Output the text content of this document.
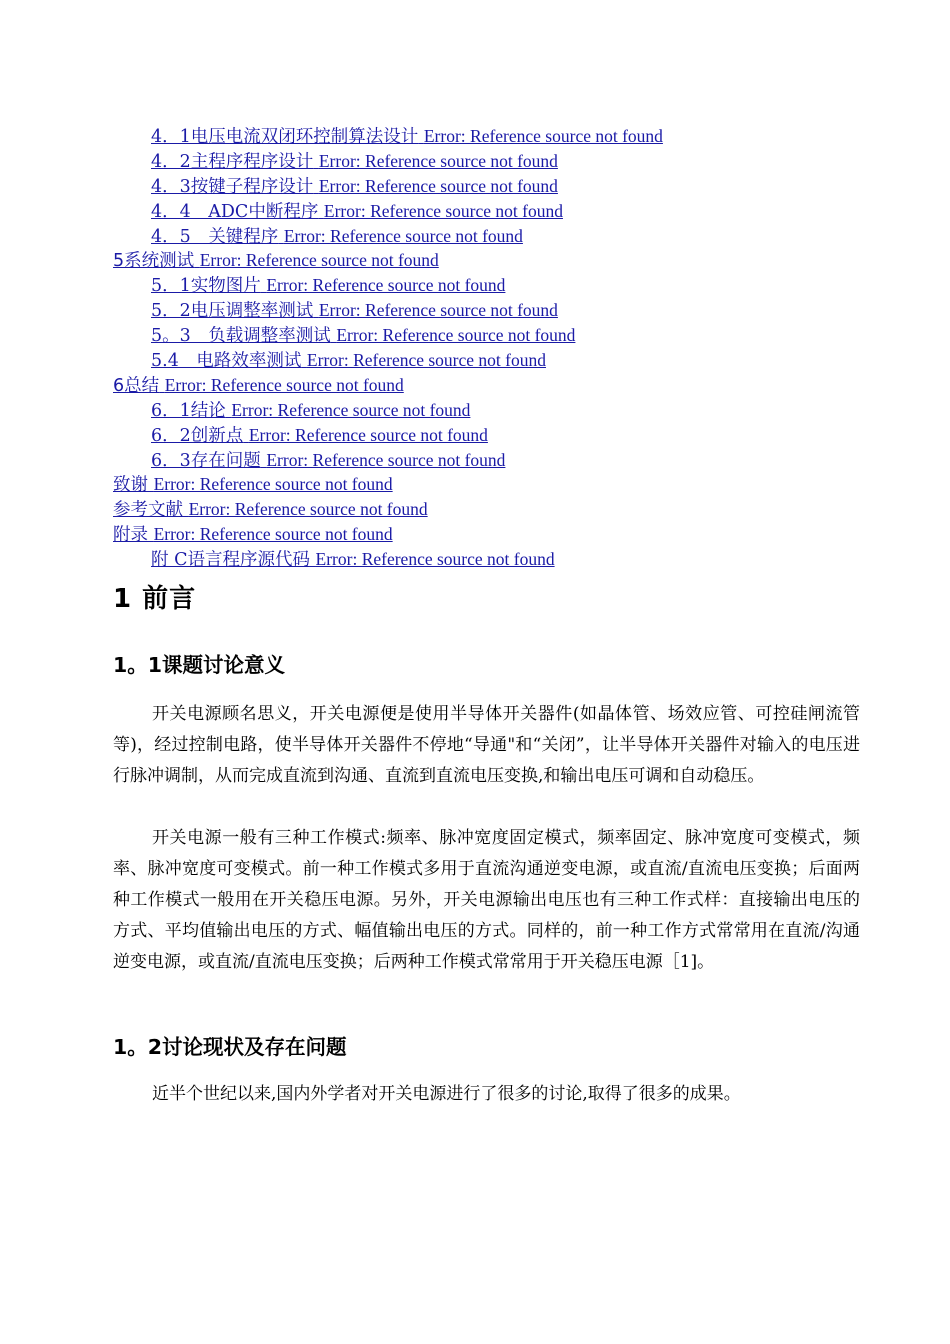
4．1电压电流双闭环控制算法设计 Error: Reference source not found
4．2主程序程序设计 Error: Reference source not found
4．3按键子程序设计 Error: Reference source not found
4．4　ADC中断程序 Error: Reference source not found
4．5　关键程序 Error: Reference source not found
5系统测试 Error: Reference source not found
5．1实物图片 Error: Reference source not found
5．2电压调整率测试 Error: Reference source not found
5。3　负载调整率测试 Error: Reference source not found
5.4　电路效率测试 Error: Reference source not found
6总结 Error: Reference source not found
6．1结论 Error: Reference source not found
6．2创新点 Error: Reference source not found
6．3存在问题 Error: Reference source not found
致谢 Error: Reference source not found
参考文献 Error: Reference source not found
附录 Error: Reference source not found
附 C语言程序源代码 Error: Reference source not found
1 前言
1。1课题讨论意义

开关电源顾名思义，开关电源便是使用半导体开关器件(如晶体管、场效应管、可控硅闸流管等)，经过控制电路，使半导体开关器件不停地“导通"和“关闭”，让半导体开关器件对输入的电压进行脉冲调制，从而完成直流到沟通、直流到直流电压变换,和输出电压可调和自动稳压。

开关电源一般有三种工作模式:频率、脉冲宽度固定模式，频率固定、脉冲宽度可变模式，频率、脉冲宽度可变模式。前一种工作模式多用于直流沟通逆变电源，或直流/直流电压变换；后面两种工作模式一般用在开关稳压电源。另外，开关电源输出电压也有三种工作式样：直接输出电压的方式、平均值输出电压的方式、幅值输出电压的方式。同样的，前一种工作方式常常用在直流/沟通逆变电源，或直流/直流电压变换；后两种工作模式常常用于开关稳压电源［1]。

1。2讨论现状及存在问题

近半个世纪以来,国内外学者对开关电源进行了很多的讨论,取得了很多的成果。
